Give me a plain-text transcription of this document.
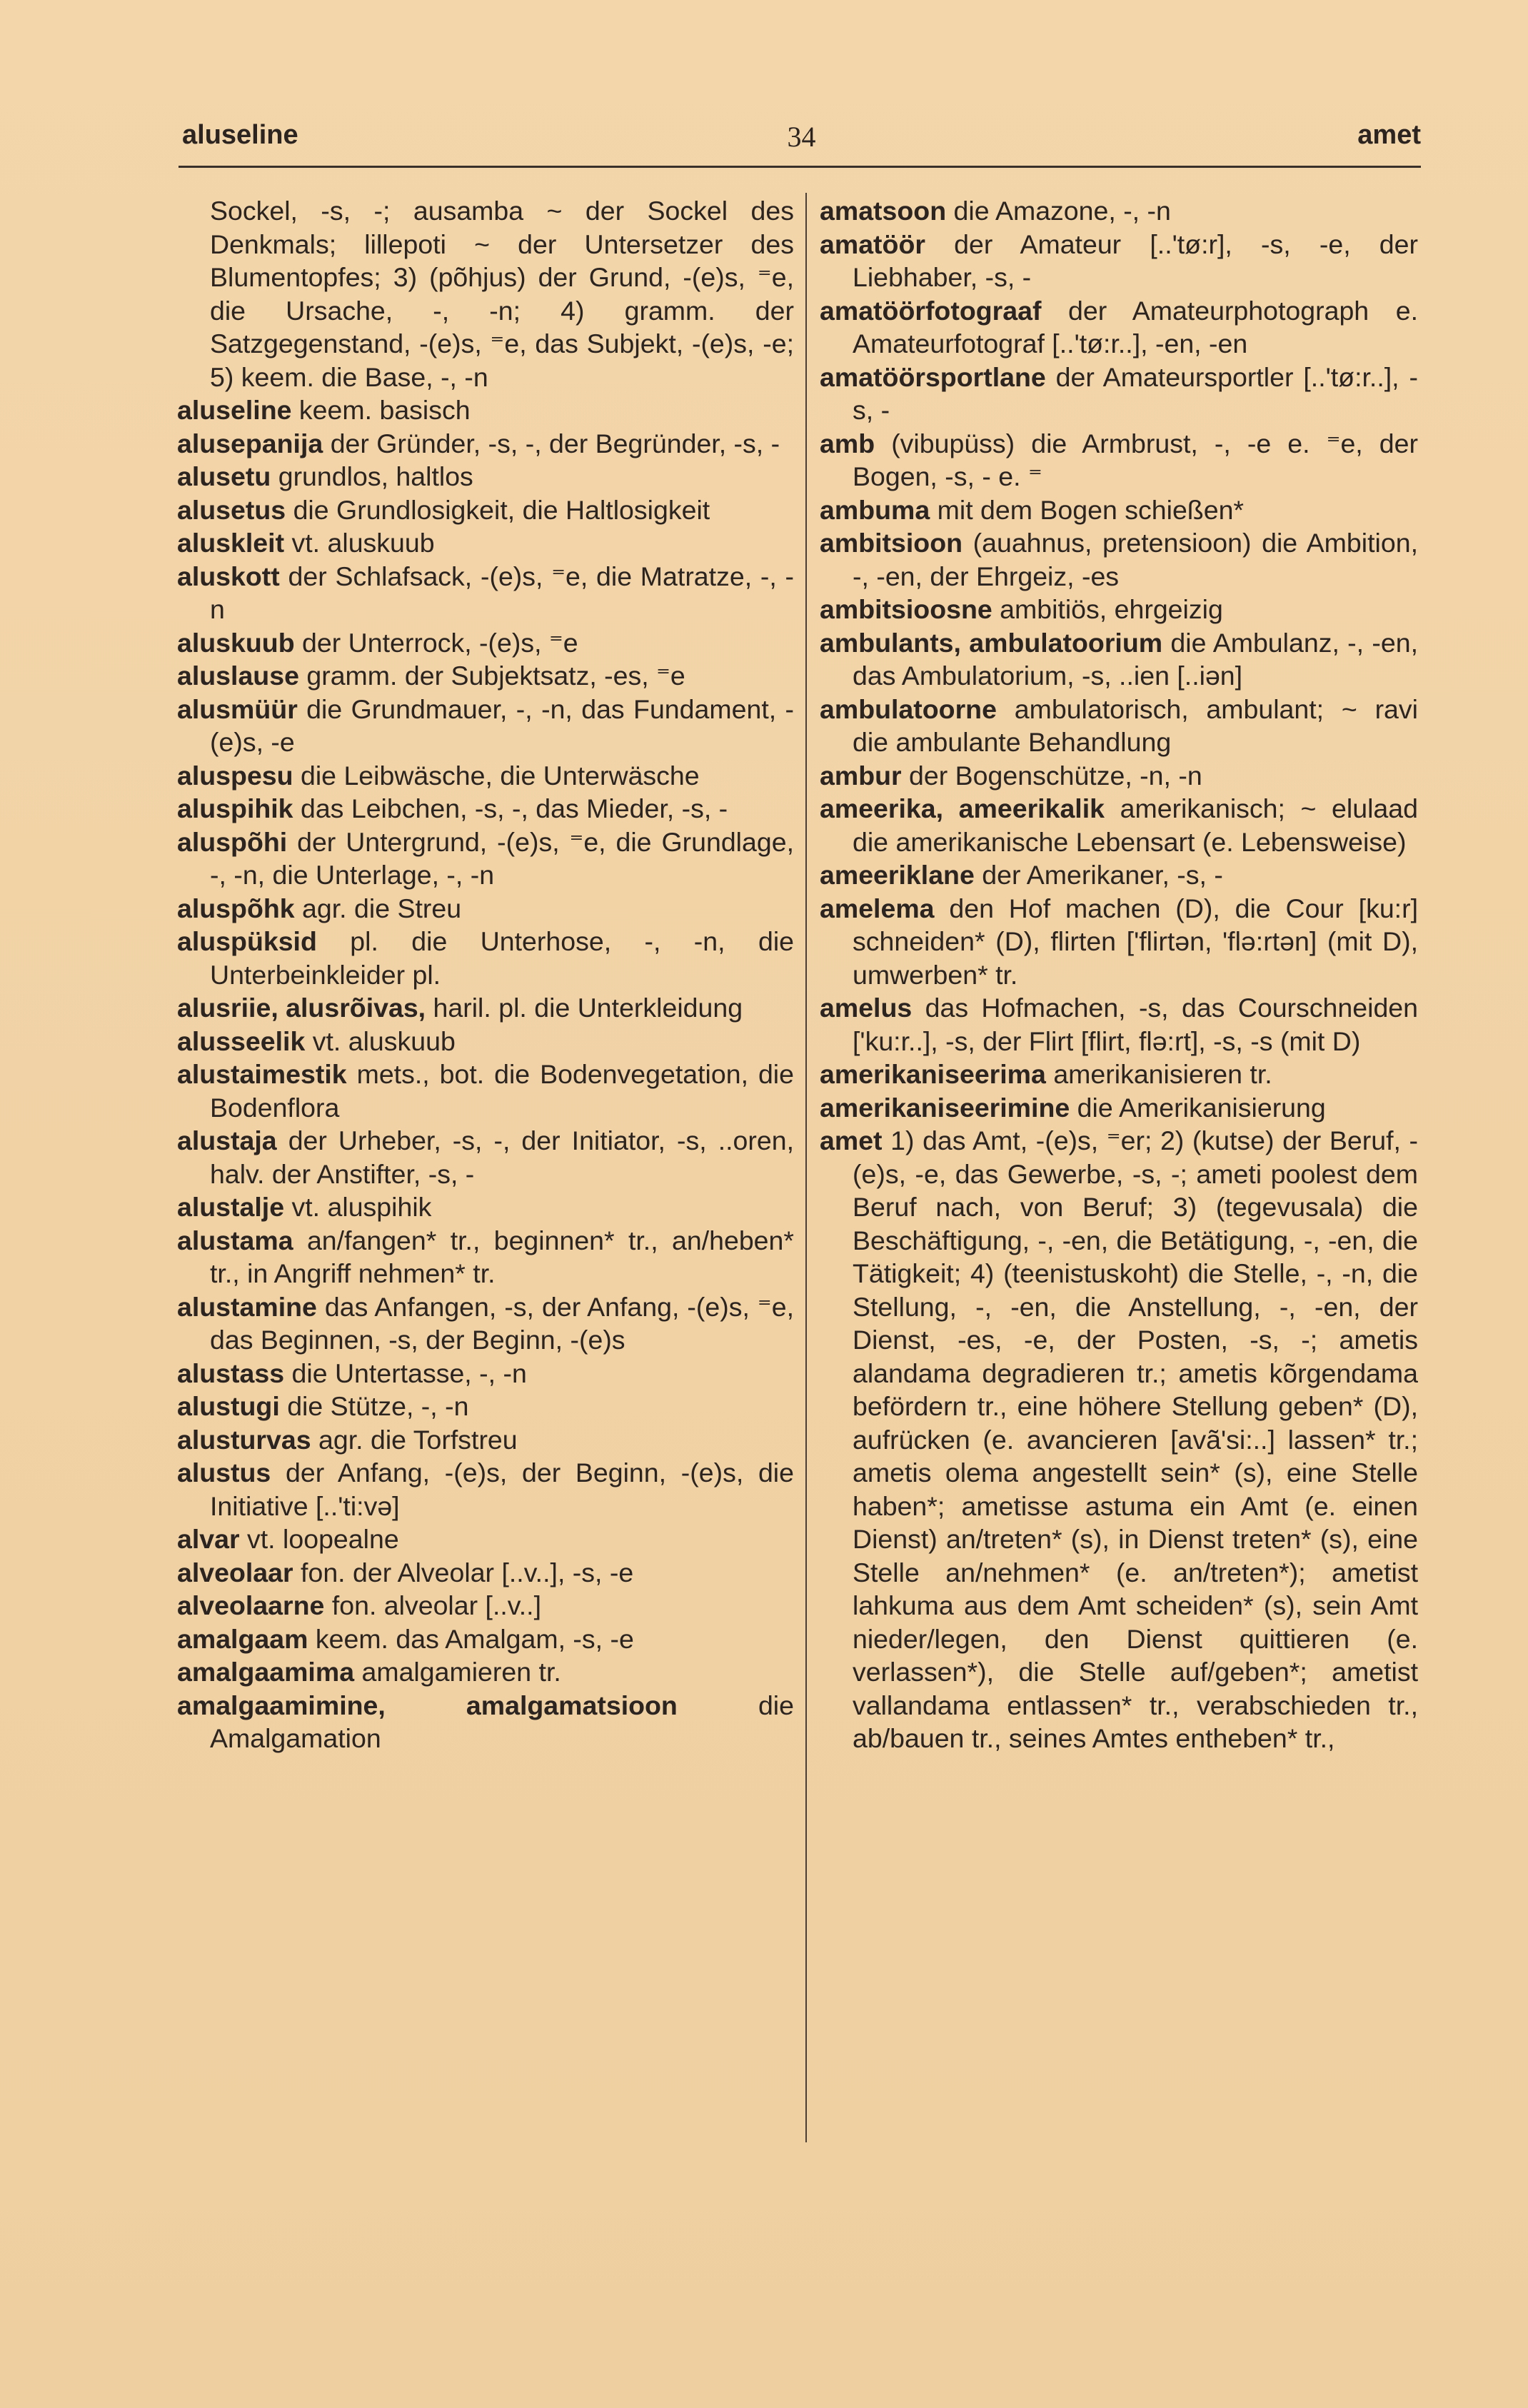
aluseline	34	amet
Sockel, -s, -; ausamba ~ der Sockel des Denkmals; lillepoti ~ der Untersetzer des Blumentopfes; 3) (põhjus) der Grund, -(e)s, ⁼e, die Ursache, -, -n; 4) gramm. der Satzgegenstand, -(e)s, ⁼e, das Subjekt, -(e)s, -e; 5) keem. die Base, -, -n
aluseline keem. basisch
alusepanija der Gründer, -s, -, der Begründer, -s, -
alusetu grundlos, haltlos
alusetus die Grundlosigkeit, die Haltlosigkeit
aluskleit vt. aluskuub
aluskott der Schlafsack, -(e)s, ⁼e, die Matratze, -, -n
aluskuub der Unterrock, -(e)s, ⁼e
aluslause gramm. der Subjektsatz, -es, ⁼e
alusmüür die Grundmauer, -, -n, das Fundament, -(e)s, -e
aluspesu die Leibwäsche, die Unterwäsche
aluspihik das Leibchen, -s, -, das Mieder, -s, -
aluspõhi der Untergrund, -(e)s, ⁼e, die Grundlage, -, -n, die Unterlage, -, -n
aluspõhk agr. die Streu
aluspüksid pl. die Unterhose, -, -n, die Unterbeinkleider pl.
alusriie, alusrõivas, haril. pl. die Unterkleidung
alusseelik vt. aluskuub
alustaimestik mets., bot. die Bodenvegetation, die Bodenflora
alustaja der Urheber, -s, -, der Initiator, -s, ..oren, halv. der Anstifter, -s, -
alustalje vt. aluspihik
alustama an/fangen* tr., beginnen* tr., an/heben* tr., in Angriff nehmen* tr.
alustamine das Anfangen, -s, der Anfang, -(e)s, ⁼e, das Beginnen, -s, der Beginn, -(e)s
alustass die Untertasse, -, -n
alustugi die Stütze, -, -n
alusturvas agr. die Torfstreu
alustus der Anfang, -(e)s, der Beginn, -(e)s, die Initiative [..'ti:və]
alvar vt. loopealne
alveolaar fon. der Alveolar [..v..], -s, -e
alveolaarne fon. alveolar [..v..]
amalgaam keem. das Amalgam, -s, -e
amalgaamima amalgamieren tr.
amalgaamimine, amalgamatsioon	die Amalgamation
amatsoon die Amazone, -, -n
amatöör der Amateur [..'tø:r], -s, -e, der Liebhaber, -s, -
amatöörfotograaf der Amateurphotograph e. Amateurfotograf [..'tø:r..], -en, -en
amatöörsportlane der Amateursportler [..'tø:r..], -s, -
amb (vibupüss) die Armbrust, -, -e e. ⁼e, der Bogen, -s, - e. ⁼
ambuma mit dem Bogen schießen*
ambitsioon (auahnus, pretensioon) die Ambition, -, -en, der Ehrgeiz, -es
ambitsioosne ambitiös, ehrgeizig
ambulants, ambulatoorium die Ambulanz, -, -en, das Ambulatorium, -s, ..ien [..iən]
ambulatoorne ambulatorisch, ambulant; ~ ravi die ambulante Behandlung
ambur der Bogenschütze, -n, -n
ameerika, ameerikalik amerikanisch; ~ elulaad die amerikanische Lebensart (e. Lebensweise)
ameeriklane der Amerikaner, -s, -
amelema den Hof machen (D), die Cour [ku:r] schneiden* (D), flirten ['flirtən, 'flə:rtən] (mit D), umwerben* tr.
amelus das Hofmachen, -s, das Courschneiden ['ku:r..], -s, der Flirt [flirt, flə:rt], -s, -s (mit D)
amerikaniseerima amerikanisieren tr.
amerikaniseerimine die Amerikanisierung
amet 1) das Amt, -(e)s, ⁼er; 2) (kutse) der Beruf, -(e)s, -e, das Gewerbe, -s, -; ameti poolest dem Beruf nach, von Beruf; 3) (tegevusala) die Beschäftigung, -, -en, die Betätigung, -, -en, die Tätigkeit; 4) (teenistuskoht) die Stelle, -, -n, die Stellung, -, -en, die Anstellung, -, -en, der Dienst, -es, -e, der Posten, -s, -; ametis alandama degradieren tr.; ametis kõrgendama befördern tr., eine höhere Stellung geben* (D), aufrücken (e. avancieren [avã'si:..] lassen* tr.; ametis olema angestellt sein* (s), eine Stelle haben*; ametisse astuma ein Amt (e. einen Dienst) an/treten* (s), in Dienst treten* (s), eine Stelle an/nehmen* (e. an/treten*); ametist lahkuma aus dem Amt scheiden* (s), sein Amt nieder/legen, den Dienst quittieren (e. verlassen*), die Stelle auf/geben*; ametist vallandama entlassen* tr., verabschieden tr., ab/bauen tr., seines Amtes entheben* tr.,
